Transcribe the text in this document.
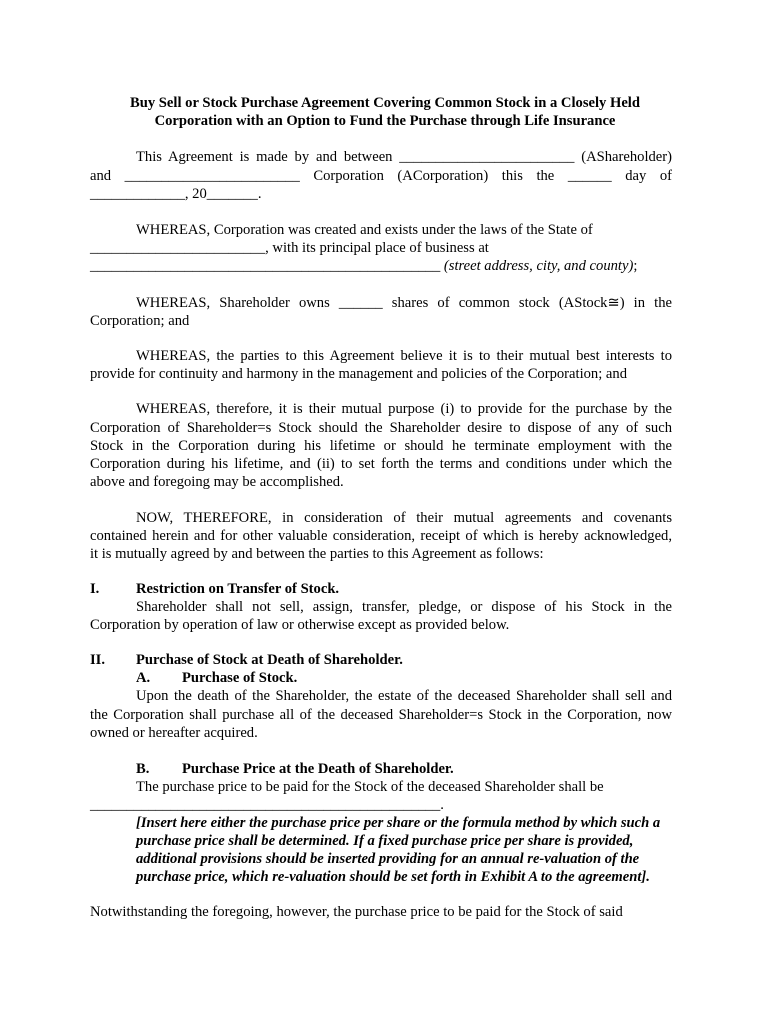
Buy Sell or Stock Purchase Agreement Covering Common Stock in a Closely Held
Corporation with an Option to Fund the Purchase through Life Insurance
This Agreement is made by and between ________________________ (AShareholder)
and ________________________ Corporation (ACorporation) this the ______ day of
_____________, 20_______.
WHEREAS, Corporation was created and exists under the laws of the State of
________________________, with its principal place of business at
________________________________________________ (street address, city, and county);
WHEREAS, Shareholder owns ______ shares of common stock (AStock≅) in the
Corporation; and
WHEREAS, the parties to this Agreement believe it is to their mutual best interests to
provide for continuity and harmony in the management and policies of the Corporation; and
WHEREAS, therefore, it is their mutual purpose (i) to provide for the purchase by the
Corporation of Shareholder=s Stock should the Shareholder desire to dispose of any of such
Stock in the Corporation during his lifetime or should he terminate employment with the
Corporation during his lifetime, and (ii) to set forth the terms and conditions under which the
above and foregoing may be accomplished.
NOW, THEREFORE, in consideration of their mutual agreements and covenants
contained herein and for other valuable consideration, receipt of which is hereby acknowledged,
it is mutually agreed by and between the parties to this Agreement as follows:
I.	Restriction on Transfer of Stock.
Shareholder shall not sell, assign, transfer, pledge, or dispose of his Stock in the
Corporation by operation of law or otherwise except as provided below.
II. Purchase of Stock at Death of Shareholder.
A. Purchase of Stock.
Upon the death of the Shareholder, the estate of the deceased Shareholder shall sell and
the Corporation shall purchase all of the deceased Shareholder=s Stock in the Corporation, now
owned or hereafter acquired.
B. Purchase Price at the Death of Shareholder.
The purchase price to be paid for the Stock of the deceased Shareholder shall be
________________________________________________.
[Insert here either the purchase price per share or the formula method by which such a
purchase price shall be determined. If a fixed purchase price per share is provided,
additional provisions should be inserted providing for an annual re-valuation of the
purchase price, which re-valuation should be set forth in Exhibit A to the agreement].
Notwithstanding the foregoing, however, the purchase price to be paid for the Stock of said
